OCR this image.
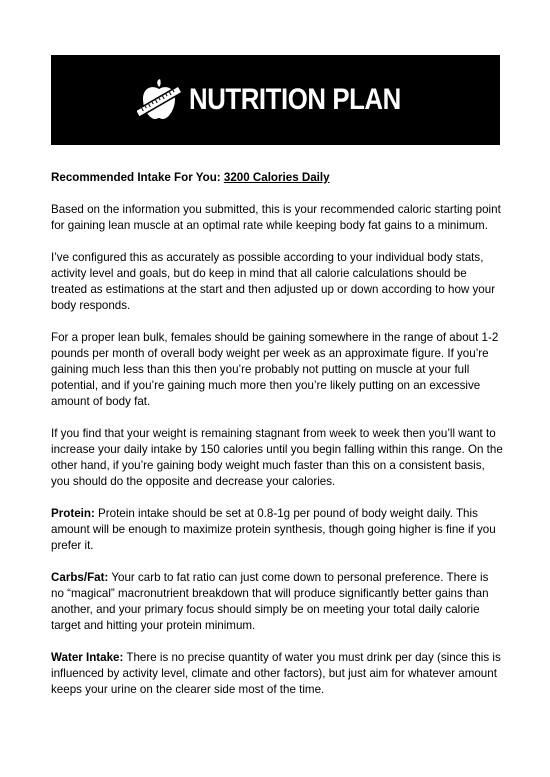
NUTRITION PLAN

Recommended Intake For You: 3200 Calories Daily

Based on the information you submitted, this is your recommended caloric starting point for gaining lean muscle at an optimal rate while keeping body fat gains to a minimum.

I’ve configured this as accurately as possible according to your individual body stats, activity level and goals, but do keep in mind that all calorie calculations should be treated as estimations at the start and then adjusted up or down according to how your body responds.

For a proper lean bulk, females should be gaining somewhere in the range of about 1-2 pounds per month of overall body weight per week as an approximate figure. If you’re gaining much less than this then you’re probably not putting on muscle at your full potential, and if you’re gaining much more then you’re likely putting on an excessive amount of body fat.

If you find that your weight is remaining stagnant from week to week then you’ll want to increase your daily intake by 150 calories until you begin falling within this range. On the other hand, if you’re gaining body weight much faster than this on a consistent basis, you should do the opposite and decrease your calories.

Protein: Protein intake should be set at 0.8-1g per pound of body weight daily. This amount will be enough to maximize protein synthesis, though going higher is fine if you prefer it.

Carbs/Fat: Your carb to fat ratio can just come down to personal preference. There is no “magical” macronutrient breakdown that will produce significantly better gains than another, and your primary focus should simply be on meeting your total daily calorie target and hitting your protein minimum.

Water Intake: There is no precise quantity of water you must drink per day (since this is influenced by activity level, climate and other factors), but just aim for whatever amount keeps your urine on the clearer side most of the time.
